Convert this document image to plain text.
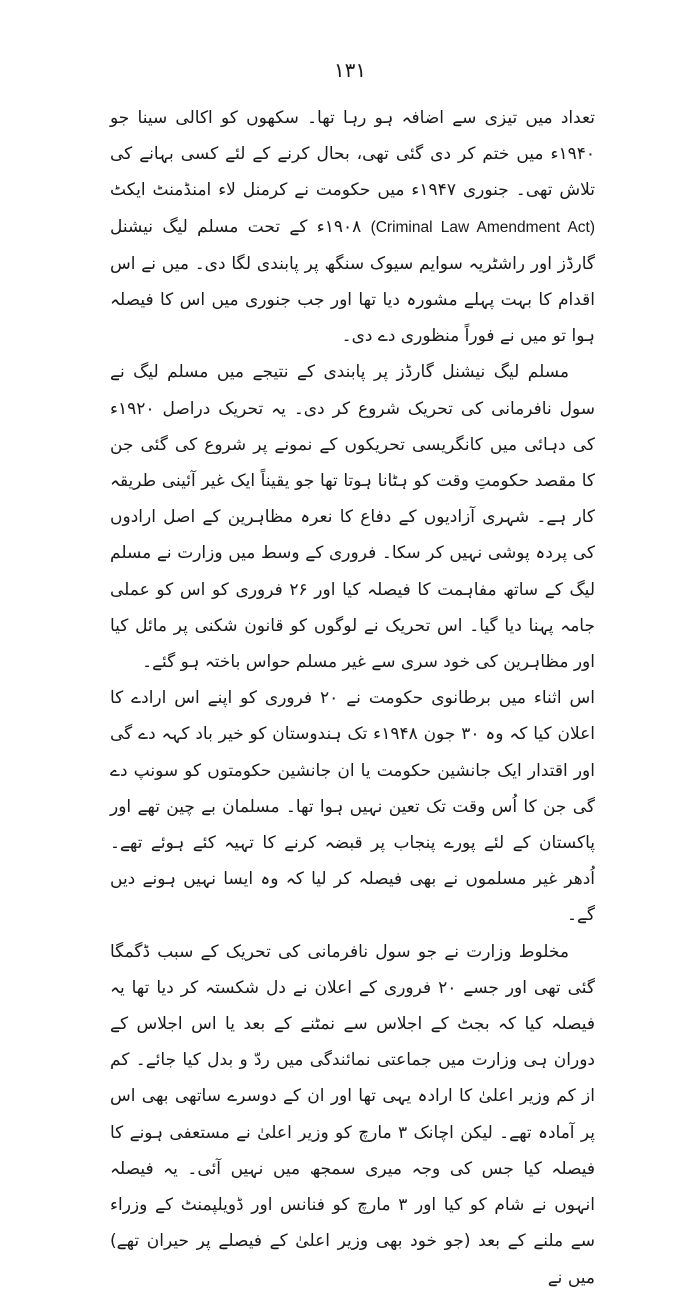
۱۳۱

تعداد میں تیزی سے اضافہ ہو رہا تھا۔ سکھوں کو اکالی سینا جو ۱۹۴۰ء میں ختم کر دی گئی تھی، بحال کرنے کے لئے کسی بہانے کی تلاش تھی۔ جنوری ۱۹۴۷ء میں حکومت نے کرمنل لاء امنڈمنٹ ایکٹ (Criminal Law Amendment Act) ۱۹۰۸ء کے تحت مسلم لیگ نیشنل گارڈز اور راشٹریہ سوایم سیوک سنگھ پر پابندی لگا دی۔ میں نے اس اقدام کا بہت پہلے مشورہ دیا تھا اور جب جنوری میں اس کا فیصلہ ہوا تو میں نے فوراً منظوری دے دی۔

مسلم لیگ نیشنل گارڈز پر پابندی کے نتیجے میں مسلم لیگ نے سول نافرمانی کی تحریک شروع کر دی۔ یہ تحریک دراصل ۱۹۲۰ء کی دہائی میں کانگریسی تحریکوں کے نمونے پر شروع کی گئی جن کا مقصد حکومتِ وقت کو ہٹانا ہوتا تھا جو یقیناً ایک غیر آئینی طریقہ کار ہے۔ شہری آزادیوں کے دفاع کا نعرہ مظاہرین کے اصل ارادوں کی پردہ پوشی نہیں کر سکا۔ فروری کے وسط میں وزارت نے مسلم لیگ کے ساتھ مفاہمت کا فیصلہ کیا اور ۲۶ فروری کو اس کو عملی جامہ پہنا دیا گیا۔ اس تحریک نے لوگوں کو قانون شکنی پر مائل کیا اور مظاہرین کی خود سری سے غیر مسلم حواس باختہ ہو گئے۔

اس اثناء میں برطانوی حکومت نے ۲۰ فروری کو اپنے اس ارادے کا اعلان کیا کہ وہ ۳۰ جون ۱۹۴۸ء تک ہندوستان کو خیر باد کہہ دے گی اور اقتدار ایک جانشین حکومت یا ان جانشین حکومتوں کو سونپ دے گی جن کا اُس وقت تک تعین نہیں ہوا تھا۔ مسلمان بے چین تھے اور پاکستان کے لئے پورے پنجاب پر قبضہ کرنے کا تہیہ کئے ہوئے تھے۔ اُدھر غیر مسلموں نے بھی فیصلہ کر لیا کہ وہ ایسا نہیں ہونے دیں گے۔

مخلوط وزارت نے جو سول نافرمانی کی تحریک کے سبب ڈگمگا گئی تھی اور جسے ۲۰ فروری کے اعلان نے دل شکستہ کر دیا تھا یہ فیصلہ کیا کہ بجٹ کے اجلاس سے نمٹنے کے بعد یا اس اجلاس کے دوران ہی وزارت میں جماعتی نمائندگی میں ردّ و بدل کیا جائے۔ کم از کم وزیر اعلیٰ کا ارادہ یہی تھا اور ان کے دوسرے ساتھی بھی اس پر آمادہ تھے۔ لیکن اچانک ۳ مارچ کو وزیر اعلیٰ نے مستعفی ہونے کا فیصلہ کیا جس کی وجہ میری سمجھ میں نہیں آئی۔ یہ فیصلہ انہوں نے شام کو کیا اور ۳ مارچ کو فنانس اور ڈویلپمنٹ کے وزراء سے ملنے کے بعد (جو خود بھی وزیر اعلیٰ کے فیصلے پر حیران تھے) میں نے
